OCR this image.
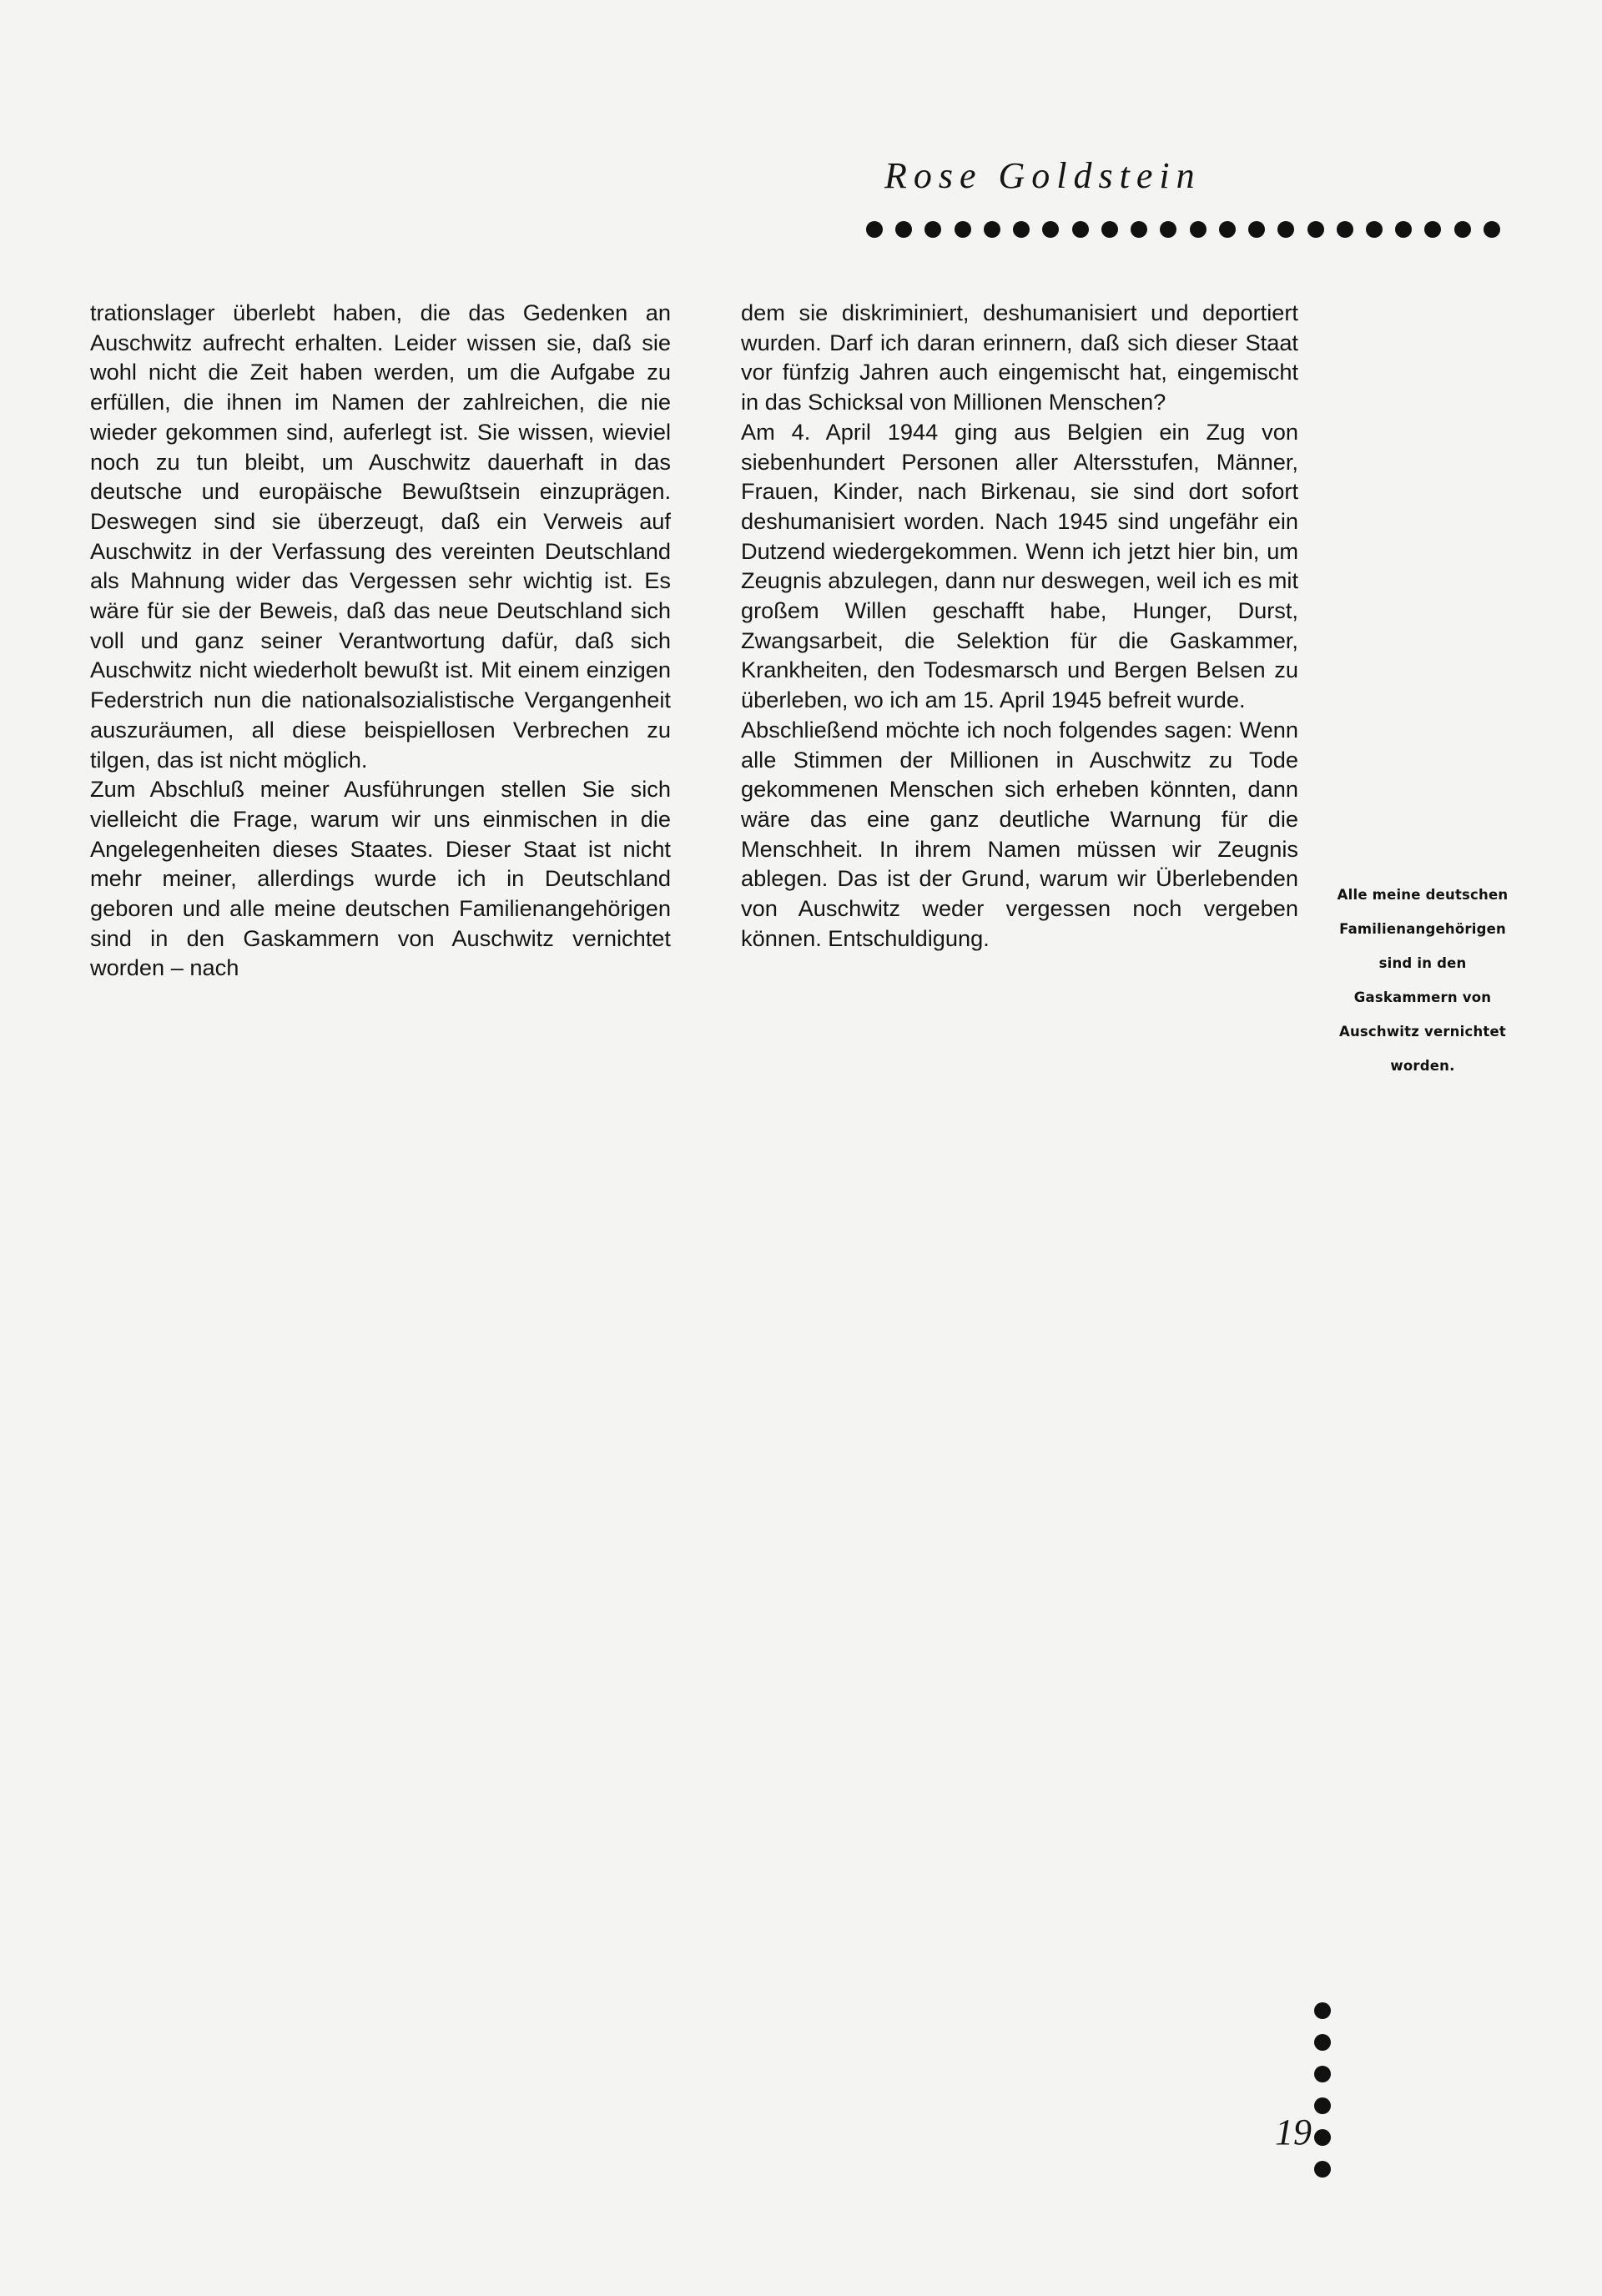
Rose Goldstein

trationslager überlebt haben, die das Gedenken an Auschwitz aufrecht erhalten. Leider wissen sie, daß sie wohl nicht die Zeit haben werden, um die Aufgabe zu erfüllen, die ihnen im Namen der zahlreichen, die nie wieder gekommen sind, auferlegt ist. Sie wissen, wieviel noch zu tun bleibt, um Auschwitz dauerhaft in das deutsche und europäische Bewußtsein einzuprägen. Deswegen sind sie überzeugt, daß ein Verweis auf Auschwitz in der Verfassung des vereinten Deutschland als Mahnung wider das Vergessen sehr wichtig ist. Es wäre für sie der Beweis, daß das neue Deutschland sich voll und ganz seiner Verantwortung dafür, daß sich Auschwitz nicht wiederholt bewußt ist. Mit einem einzigen Federstrich nun die nationalsozialistische Vergangenheit auszuräumen, all diese beispiellosen Verbrechen zu tilgen, das ist nicht möglich.

Zum Abschluß meiner Ausführungen stellen Sie sich vielleicht die Frage, warum wir uns einmischen in die Angelegenheiten dieses Staates. Dieser Staat ist nicht mehr meiner, allerdings wurde ich in Deutschland geboren und alle meine deutschen Familienangehörigen sind in den Gaskammern von Auschwitz vernichtet worden – nach

dem sie diskriminiert, deshumanisiert und deportiert wurden. Darf ich daran erinnern, daß sich dieser Staat vor fünfzig Jahren auch eingemischt hat, eingemischt in das Schicksal von Millionen Menschen?

Am 4. April 1944 ging aus Belgien ein Zug von siebenhundert Personen aller Altersstufen, Männer, Frauen, Kinder, nach Birkenau, sie sind dort sofort deshumanisiert worden. Nach 1945 sind ungefähr ein Dutzend wiedergekommen. Wenn ich jetzt hier bin, um Zeugnis abzulegen, dann nur deswegen, weil ich es mit großem Willen geschafft habe, Hunger, Durst, Zwangsarbeit, die Selektion für die Gaskammer, Krankheiten, den Todesmarsch und Bergen Belsen zu überleben, wo ich am 15. April 1945 befreit wurde.

Abschließend möchte ich noch folgendes sagen: Wenn alle Stimmen der Millionen in Auschwitz zu Tode gekommenen Menschen sich erheben könnten, dann wäre das eine ganz deutliche Warnung für die Menschheit. In ihrem Namen müssen wir Zeugnis ablegen. Das ist der Grund, warum wir Überlebenden von Auschwitz weder vergessen noch vergeben können. Entschuldigung.

Alle meine deutschen Familienangehörigen sind in den Gaskammern von Auschwitz vernichtet worden.
19
